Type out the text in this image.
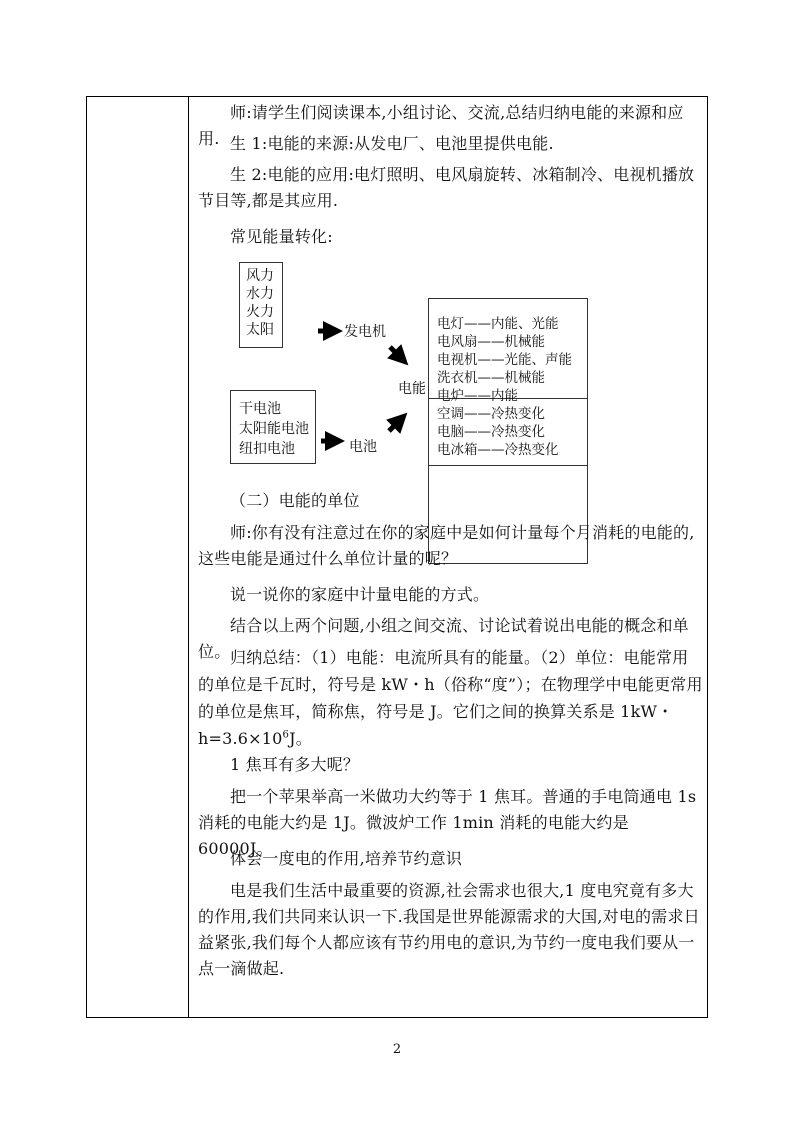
师:请学生们阅读课本,小组讨论、交流,总结归纳电能的来源和应用. 生 1:电能的来源:从发电厂、电池里提供电能.

生 2:电能的应用:电灯照明、电风扇旋转、冰箱制冷、电视机播放节目等,都是其应用.

常见能量转化:

风力
水力
火力
太阳
干电池
太阳能电池
纽扣电池
发电机
电池
电能

（二）电能的单位

师:你有没有注意过在你的家庭中是如何计量每个月消耗的电能的,这些电能是通过什么单位计量的呢？

说一说你的家庭中计量电能的方式。

结合以上两个问题,小组之间交流、讨论试着说出电能的概念和单位。 归纳总结：（1）电能：电流所具有的能量。（2）单位：电能常用的单位是千瓦时，符号是 kW・h（俗称“度”）；在物理学中电能更常用的单位是焦耳，简称焦，符号是 J。它们之间的换算关系是 1kW・$h=3.6\times 10^6J$。

1 焦耳有多大呢？

把一个苹果举高一米做功大约等于 1 焦耳。普通的手电筒通电 1s 消耗的电能大约是 1J。微波炉工作 1min 消耗的电能大约是 60000J。

体会一度电的作用,培养节约意识

电是我们生活中最重要的资源,社会需求也很大,1 度电究竟有多大的作用,我们共同来认识一下.我国是世界能源需求的大国,对电的需求日益紧张,我们每个人都应该有节约用电的意识,为节约一度电我们要从一点一滴做起.

电灯——内能、光能
电风扇——机械能
电视机——光能、声能
洗衣机——机械能
电炉——内能
空调——冷热变化
电脑——冷热变化
电冰箱——冷热变化
2
